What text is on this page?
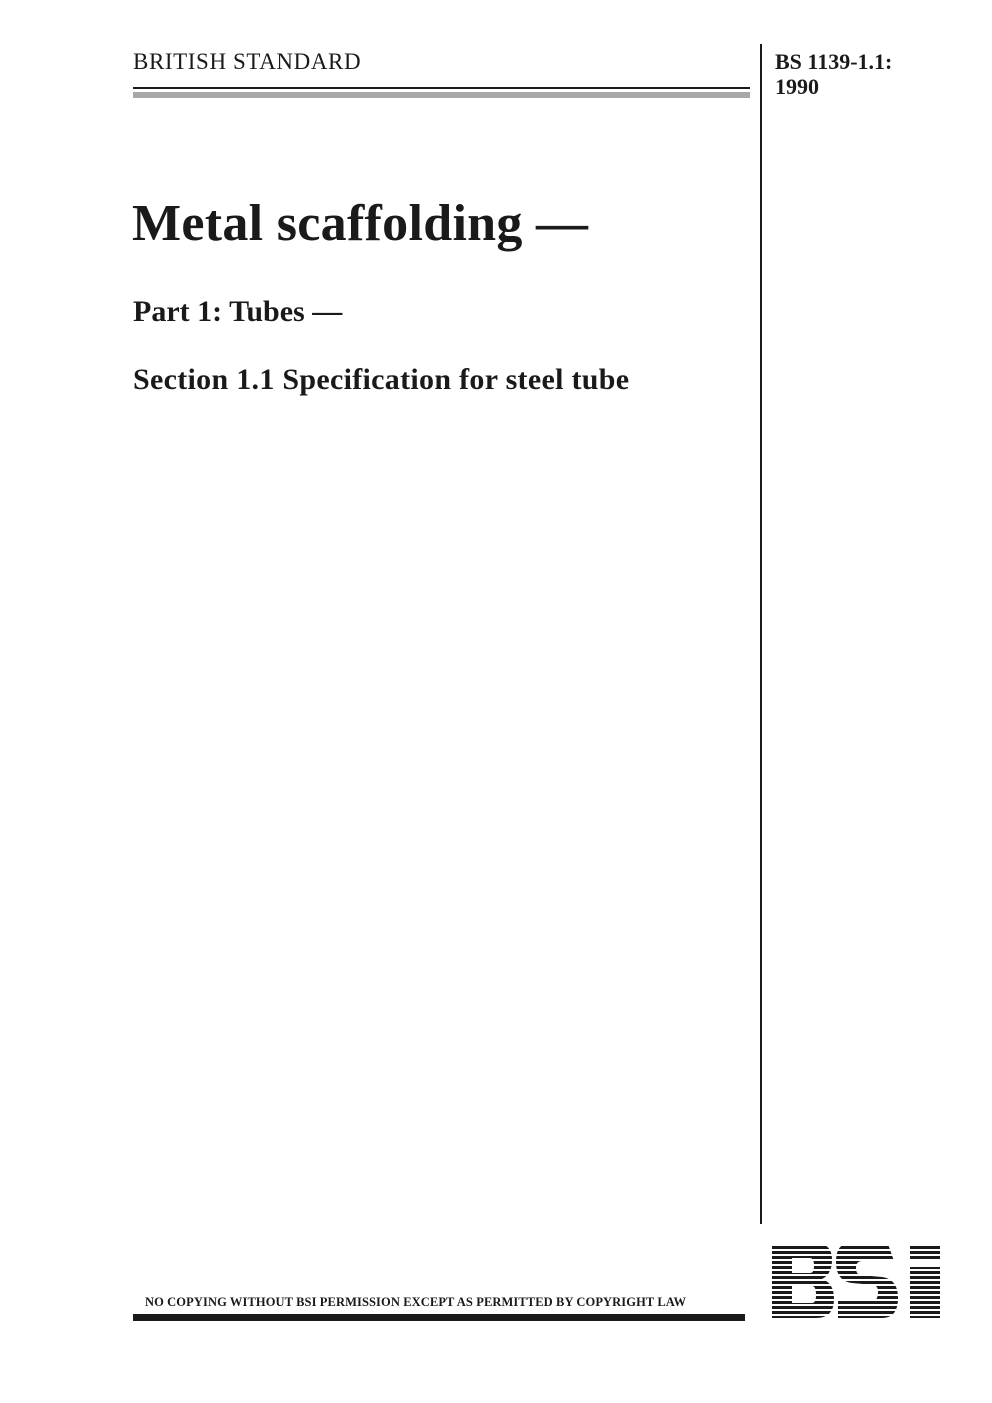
BRITISH STANDARD	BS 1139-1.1:
1990

Metal scaffolding —
Part 1: Tubes —
Section 1.1 Specification for steel tube

NO COPYING WITHOUT BSI PERMISSION EXCEPT AS PERMITTED BY COPYRIGHT LAW
